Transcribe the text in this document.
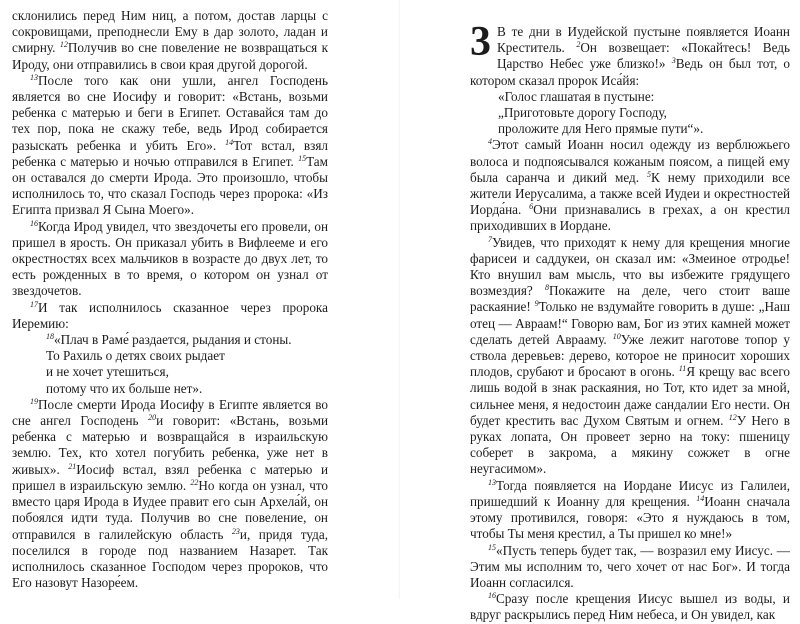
склонились перед Ним ниц, а потом, достав ларцы с сокровищами, преподнесли Ему в дар золото, ладан и смирну. $^{12}$Получив во сне повеление не возвращаться к Ироду, они отправились в свои края другой дорогой.

$^{13}$После того как они ушли, ангел Господень является во сне Иосифу и говорит: «Встань, возьми ребенка с матерью и беги в Египет. Оставайся там до тех пор, пока не скажу тебе, ведь Ирод собирается разыскать ребенка и убить Его». $^{14}$Тот встал, взял ребенка с матерью и ночью отправился в Египет. $^{15}$Там он оставался до смерти Ирода. Это произошло, чтобы исполнилось то, что сказал Господь через пророка: «Из Египта призвал Я Сына Моего».

$^{16}$Когда Ирод увидел, что звездочеты его провели, он пришел в ярость. Он приказал убить в Вифлееме и его окрестностях всех мальчиков в возрасте до двух лет, то есть рожденных в то время, о котором он узнал от звездочетов.

$^{17}$И так исполнилось сказанное через пророка Иеремию:

$^{18}$«Плач в Раме́ раздается, рыдания и стоны.
То Рахиль о детях своих рыдает
и не хочет утешиться,
потому что их больше нет».

$^{19}$После смерти Ирода Иосифу в Египте является во сне ангел Господень $^{20}$и говорит: «Встань, возьми ребенка с матерью и возвращайся в израильскую землю. Тех, кто хотел погубить ребенка, уже нет в живых». $^{21}$Иосиф встал, взял ребенка с матерью и пришел в израильскую землю. $^{22}$Но когда он узнал, что вместо царя Ирода в Иудее правит его сын Архела́й, он побоялся идти туда. Получив во сне повеление, он отправился в галилейскую область $^{23}$и, придя туда, поселился в городе под названием Назарет. Так исполнилось сказанное Господом через пророков, что Его назовут Назоре́ем.

3 В те дни в Иудейской пустыне появляется Иоанн Креститель. $^2$Он возвещает: «Покайтесь! Ведь Царство Небес уже близко!» $^3$Ведь он был тот, о котором сказал пророк Иса́йя:

«Голос глашатая в пустыне:
„Приготовьте дорогу Господу,
проложите для Него прямые пути“».

$^4$Этот самый Иоанн носил одежду из верблюжьего волоса и подпоясывался кожаным поясом, а пищей ему была саранча и дикий мед. $^5$К нему приходили все жители Иерусалима, а также всей Иудеи и окрестностей Иорда́на. $^6$Они признавались в грехах, а он крестил приходивших в Иордане.

$^7$Увидев, что приходят к нему для крещения многие фарисеи и саддукеи, он сказал им: «Змеиное отродье! Кто внушил вам мысль, что вы избежите грядущего возмездия? $^8$Покажите на деле, чего стоит ваше раскаяние! $^9$Только не вздумайте говорить в душе: „Наш отец — Авраам!“ Говорю вам, Бог из этих камней может сделать детей Аврааму. $^{10}$Уже лежит наготове топор у ствола деревьев: дерево, которое не приносит хороших плодов, срубают и бросают в огонь. $^{11}$Я крещу вас всего лишь водой в знак раскаяния, но Тот, кто идет за мной, сильнее меня, я недостоин даже сандалии Его нести. Он будет крестить вас Духом Святым и огнем. $^{12}$У Него в руках лопата, Он провеет зерно на току: пшеницу соберет в закрома, а мякину сожжет в огне неугасимом».

$^{13}$Тогда появляется на Иордане Иисус из Галилеи, пришедший к Иоанну для крещения. $^{14}$Иоанн сначала этому противился, говоря: «Это я нуждаюсь в том, чтобы Ты меня крестил, а Ты пришел ко мне!»

$^{15}$«Пусть теперь будет так, — возразил ему Иисус. — Этим мы исполним то, чего хочет от нас Бог». И тогда Иоанн согласился.

$^{16}$Сразу после крещения Иисус вышел из воды, и вдруг раскрылись перед Ним небеса, и Он увидел, как
